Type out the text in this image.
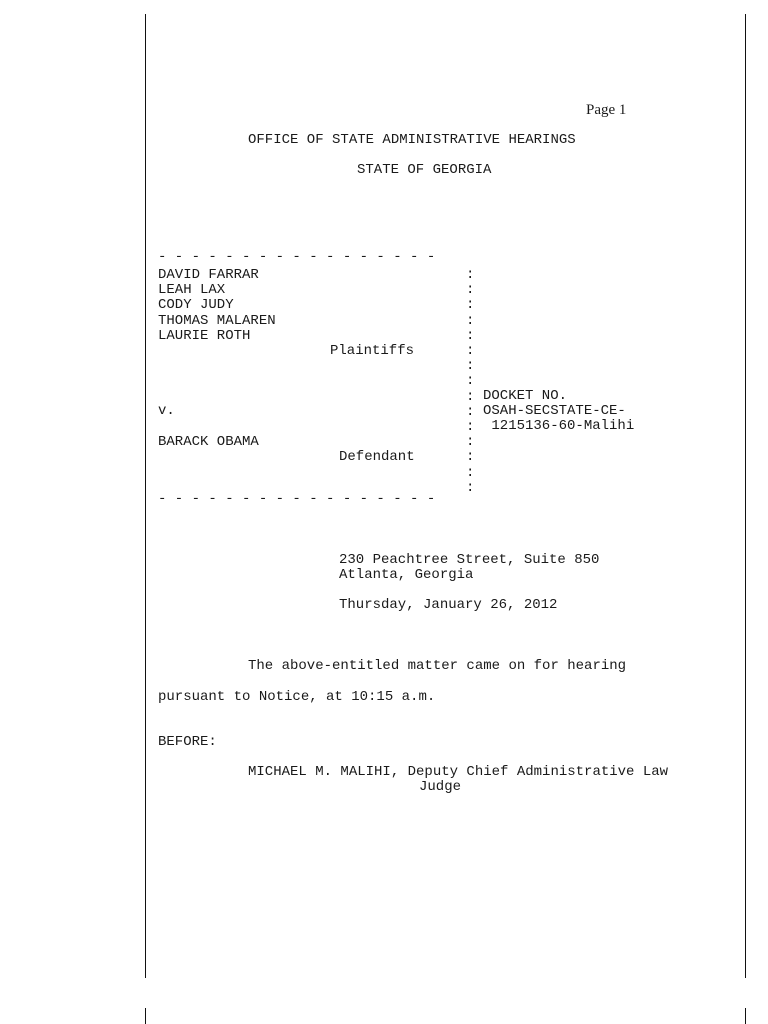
Page 1
OFFICE OF STATE ADMINISTRATIVE HEARINGS
STATE OF GEORGIA
- - - - - - - - - - - - - - - - -
DAVID FARRAR
LEAH LAX
CODY JUDY
THOMAS MALAREN
LAURIE ROTH
Plaintiffs
v.
BARACK OBAMA
Defendant
:
:
:
:
:
:
:
:
:
:
:
:
:
:
:
DOCKET NO.
OSAH-SECSTATE-CE-
1215136-60-Malihi
- - - - - - - - - - - - - - - - -
230 Peachtree Street, Suite 850
Atlanta, Georgia
Thursday, January 26, 2012
The above-entitled matter came on for hearing
pursuant to Notice, at 10:15 a.m.
BEFORE:
MICHAEL M. MALIHI, Deputy Chief Administrative Law
Judge
